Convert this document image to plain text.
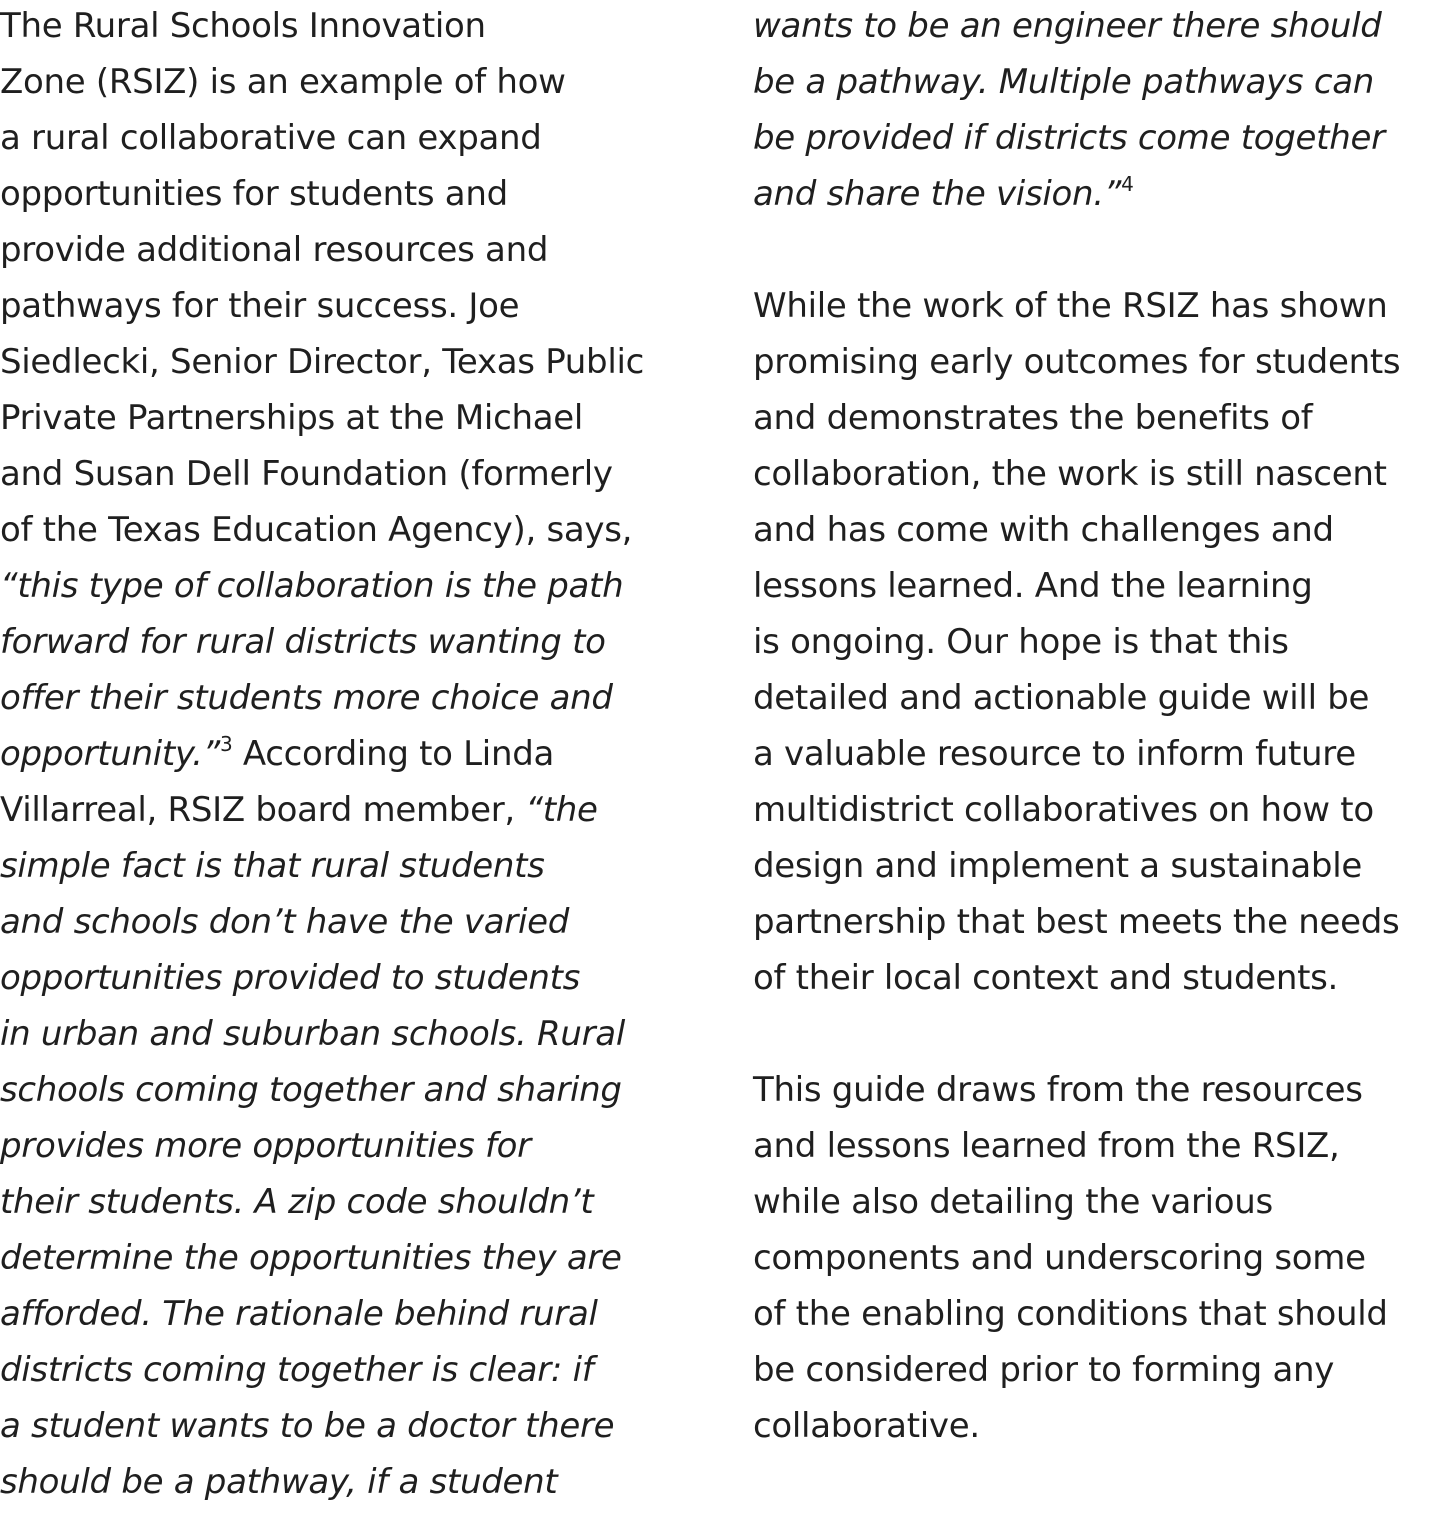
The Rural Schools Innovation
Zone (RSIZ) is an example of how
a rural collaborative can expand
opportunities for students and
provide additional resources and
pathways for their success. Joe
Siedlecki, Senior Director, Texas Public
Private Partnerships at the Michael
and Susan Dell Foundation (formerly
of the Texas Education Agency), says,
“this type of collaboration is the path
forward for rural districts wanting to
offer their students more choice and
opportunity.”$^3$ According to Linda
Villarreal, RSIZ board member, “the
simple fact is that rural students
and schools don’t have the varied
opportunities provided to students
in urban and suburban schools. Rural
schools coming together and sharing
provides more opportunities for
their students. A zip code shouldn’t
determine the opportunities they are
afforded. The rationale behind rural
districts coming together is clear: if
a student wants to be a doctor there
should be a pathway, if a student
wants to be an engineer there should
be a pathway. Multiple pathways can
be provided if districts come together
and share the vision.”$^4$
While the work of the RSIZ has shown
promising early outcomes for students
and demonstrates the benefits of
collaboration, the work is still nascent
and has come with challenges and
lessons learned. And the learning
is ongoing. Our hope is that this
detailed and actionable guide will be
a valuable resource to inform future
multidistrict collaboratives on how to
design and implement a sustainable
partnership that best meets the needs
of their local context and students.
This guide draws from the resources
and lessons learned from the RSIZ,
while also detailing the various
components and underscoring some
of the enabling conditions that should
be considered prior to forming any
collaborative.
